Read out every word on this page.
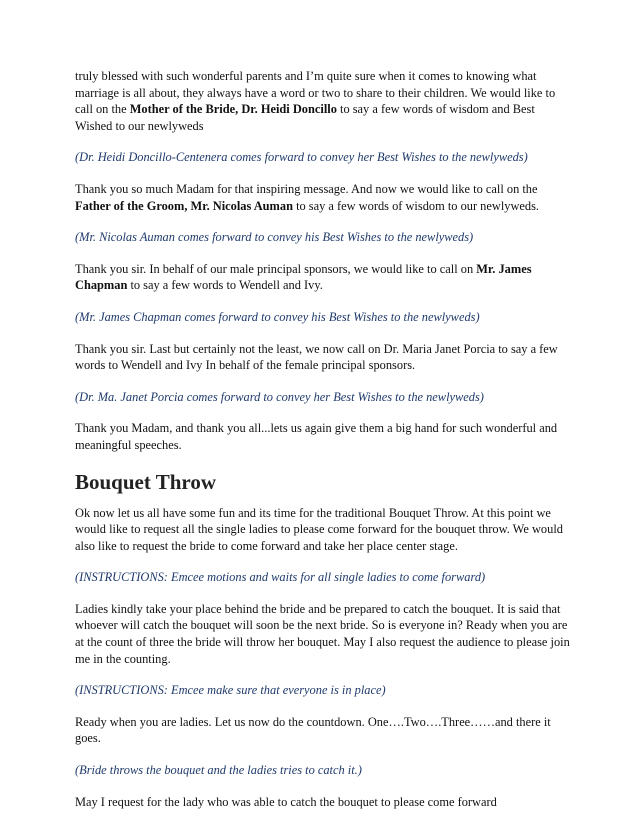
truly blessed with such wonderful parents and I’m quite sure when it comes to knowing what marriage is all about, they always have a word or two to share to their children. We would like to call on the Mother of the Bride, Dr. Heidi Doncillo to say a few words of wisdom and Best Wished to our newlyweds

(Dr. Heidi Doncillo-Centenera comes forward to convey her Best Wishes to the newlyweds)

Thank you so much Madam for that inspiring message. And now we would like to call on the Father of the Groom, Mr. Nicolas Auman to say a few words of wisdom to our newlyweds.

(Mr. Nicolas Auman comes forward to convey his Best Wishes to the newlyweds)

Thank you sir. In behalf of our male principal sponsors, we would like to call on Mr. James Chapman to say a few words to Wendell and Ivy.

(Mr. James Chapman comes forward to convey his Best Wishes to the newlyweds)

Thank you sir. Last but certainly not the least, we now call on Dr. Maria Janet Porcia to say a few words to Wendell and Ivy In behalf of the female principal sponsors.

(Dr. Ma. Janet Porcia comes forward to convey her Best Wishes to the newlyweds)

Thank you Madam, and thank you all...lets us again give them a big hand for such wonderful and meaningful speeches.

Bouquet Throw

Ok now let us all have some fun and its time for the traditional Bouquet Throw. At this point we would like to request all the single ladies to please come forward for the bouquet throw. We would also like to request the bride to come forward and take her place center stage.

(INSTRUCTIONS: Emcee motions and waits for all single ladies to come forward)

Ladies kindly take your place behind the bride and be prepared to catch the bouquet. It is said that whoever will catch the bouquet will soon be the next bride. So is everyone in? Ready when you are at the count of three the bride will throw her bouquet. May I also request the audience to please join me in the counting.

(INSTRUCTIONS: Emcee make sure that everyone is in place)

Ready when you are ladies. Let us now do the countdown. One….Two….Three……and there it goes.

(Bride throws the bouquet and the ladies tries to catch it.)

May I request for the lady who was able to catch the bouquet to please come forward
